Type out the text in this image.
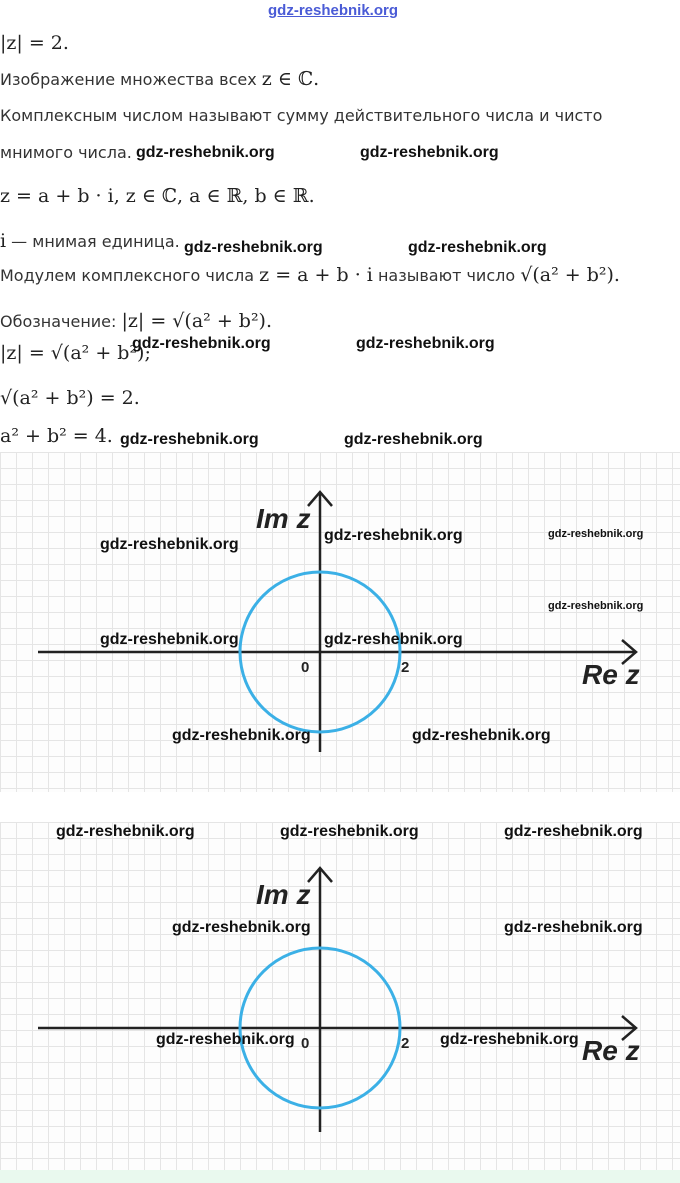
gdz-reshebnik.org
|z| = 2.
Изображение множества всех z ∈ ℂ.
Комплексным числом называют сумму действительного числа и чисто
мнимого числа.
z = a + b · i, z ∈ ℂ, a ∈ ℝ, b ∈ ℝ.
i — мнимая единица.
Модулем комплексного числа z = a + b · i называют число √(a² + b²).
Обозначение: |z| = √(a² + b²).
|z| = √(a² + b²);
√(a² + b²) = 2.
a² + b² = 4.
gdz-reshebnik.org	gdz-reshebnik.org
gdz-reshebnik.org	gdz-reshebnik.org
gdz-reshebnik.org	gdz-reshebnik.org
gdz-reshebnik.org	gdz-reshebnik.org
Im z
Re z
0	2
gdz-reshebnik.org
gdz-reshebnik.org
gdz-reshebnik.org
gdz-reshebnik.org
gdz-reshebnik.org	gdz-reshebnik.org
gdz-reshebnik.org	gdz-reshebnik.org
Im z
Re z
0	2
gdz-reshebnik.org	gdz-reshebnik.org	gdz-reshebnik.org
gdz-reshebnik.org	gdz-reshebnik.org
gdz-reshebnik.org	gdz-reshebnik.org
